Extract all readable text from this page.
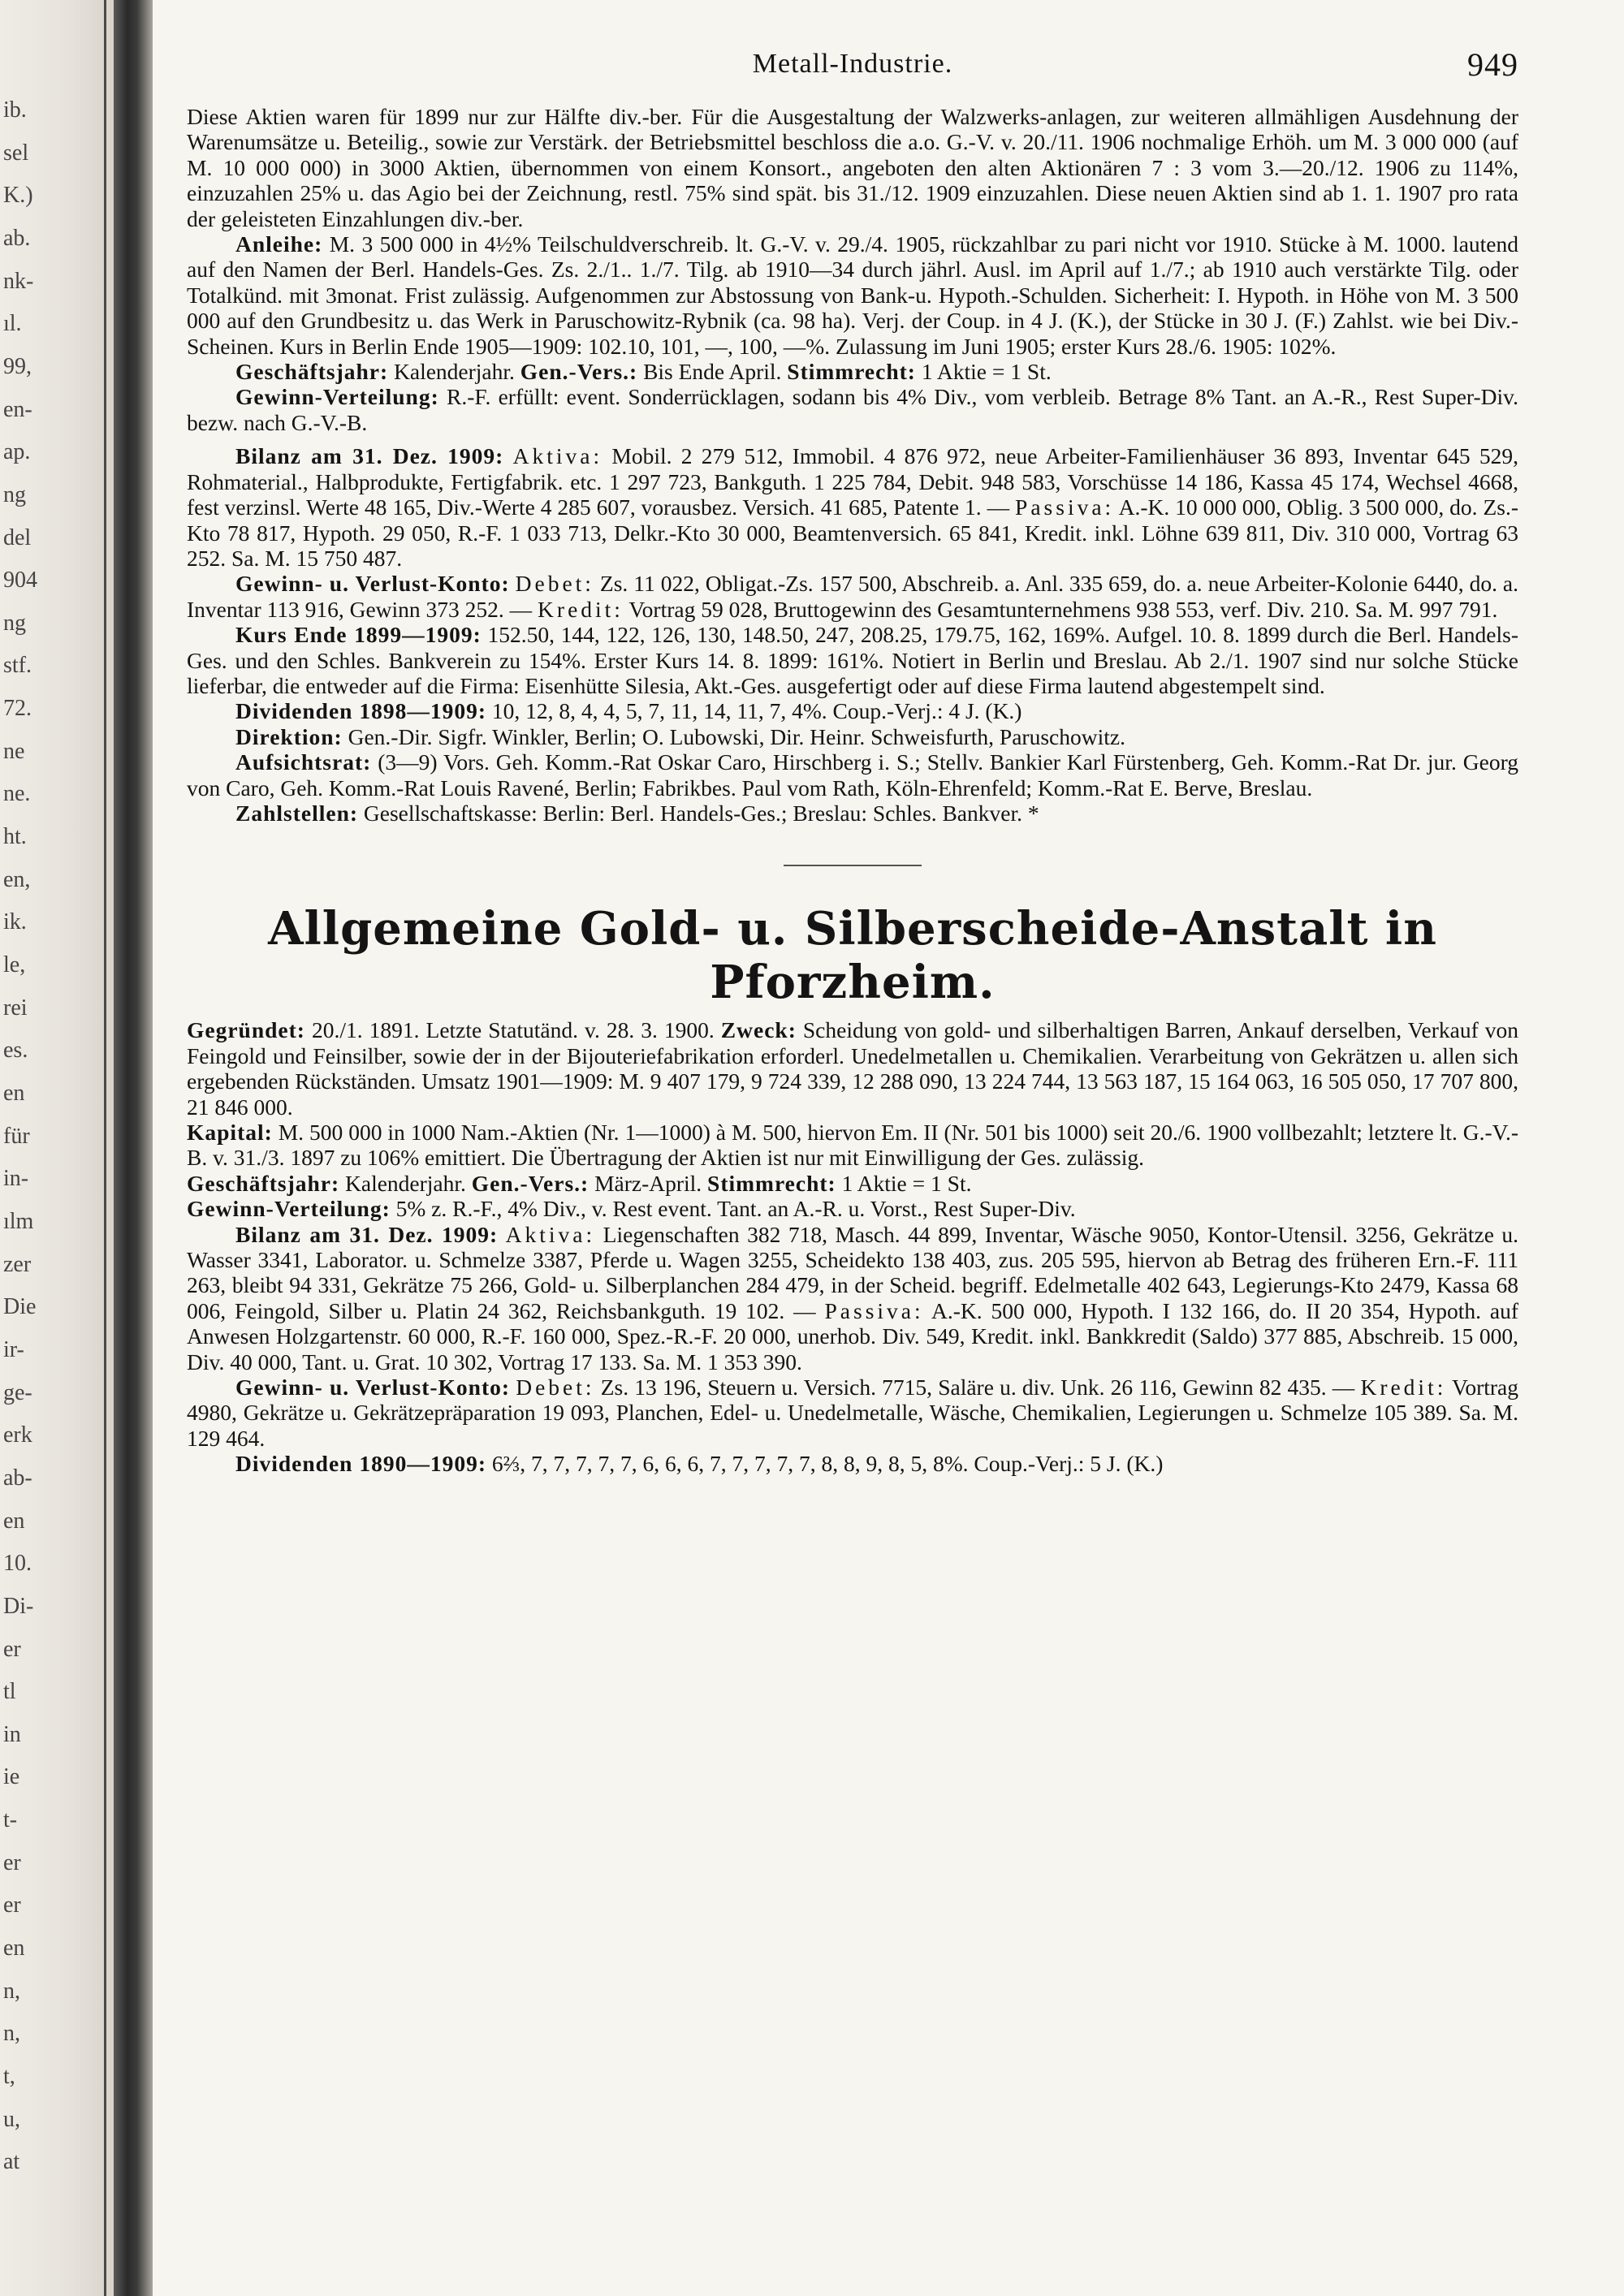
ib.
sel
K.)
ab.
nk-
ıl.
99,
en-
ap.
ng
del
904
ng
stf.
72.
ne
ne.
ht.
en,
ik.
le,
rei
es.
en
für
in-
ılm
zer
Die
ir-
ge-
erk
ab-
en
10.
Di-
er
tl
in
ie
t-
er
er
en
n,
n,
t,
u,
at
Metall-Industrie.	949

Diese Aktien waren für 1899 nur zur Hälfte div.-ber. Für die Ausgestaltung der Walzwerks-anlagen, zur weiteren allmähligen Ausdehnung der Warenumsätze u. Beteilig., sowie zur Verstärk. der Betriebsmittel beschloss die a.o. G.-V. v. 20./11. 1906 nochmalige Erhöh. um M. 3 000 000 (auf M. 10 000 000) in 3000 Aktien, übernommen von einem Konsort., angeboten den alten Aktionären 7 : 3 vom 3.—20./12. 1906 zu 114%, einzuzahlen 25% u. das Agio bei der Zeichnung, restl. 75% sind spät. bis 31./12. 1909 einzuzahlen. Diese neuen Aktien sind ab 1. 1. 1907 pro rata der geleisteten Einzahlungen div.-ber.

Anleihe: M. 3 500 000 in 4½% Teilschuldverschreib. lt. G.-V. v. 29./4. 1905, rückzahlbar zu pari nicht vor 1910. Stücke à M. 1000. lautend auf den Namen der Berl. Handels-Ges. Zs. 2./1.. 1./7. Tilg. ab 1910—34 durch jährl. Ausl. im April auf 1./7.; ab 1910 auch verstärkte Tilg. oder Totalkünd. mit 3monat. Frist zulässig. Aufgenommen zur Abstossung von Bank-u. Hypoth.-Schulden. Sicherheit: I. Hypoth. in Höhe von M. 3 500 000 auf den Grundbesitz u. das Werk in Paruschowitz-Rybnik (ca. 98 ha). Verj. der Coup. in 4 J. (K.), der Stücke in 30 J. (F.) Zahlst. wie bei Div.-Scheinen. Kurs in Berlin Ende 1905—1909: 102.10, 101, —, 100, —%. Zulassung im Juni 1905; erster Kurs 28./6. 1905: 102%.

Geschäftsjahr: Kalenderjahr. Gen.-Vers.: Bis Ende April. Stimmrecht: 1 Aktie = 1 St.

Gewinn-Verteilung: R.-F. erfüllt: event. Sonderrücklagen, sodann bis 4% Div., vom verbleib. Betrage 8% Tant. an A.-R., Rest Super-Div. bezw. nach G.-V.-B.

Bilanz am 31. Dez. 1909: Aktiva: Mobil. 2 279 512, Immobil. 4 876 972, neue Arbeiter-Familienhäuser 36 893, Inventar 645 529, Rohmaterial., Halbprodukte, Fertigfabrik. etc. 1 297 723, Bankguth. 1 225 784, Debit. 948 583, Vorschüsse 14 186, Kassa 45 174, Wechsel 4668, fest verzinsl. Werte 48 165, Div.-Werte 4 285 607, vorausbez. Versich. 41 685, Patente 1. — Passiva: A.-K. 10 000 000, Oblig. 3 500 000, do. Zs.-Kto 78 817, Hypoth. 29 050, R.-F. 1 033 713, Delkr.-Kto 30 000, Beamtenversich. 65 841, Kredit. inkl. Löhne 639 811, Div. 310 000, Vortrag 63 252. Sa. M. 15 750 487.

Gewinn- u. Verlust-Konto: Debet: Zs. 11 022, Obligat.-Zs. 157 500, Abschreib. a. Anl. 335 659, do. a. neue Arbeiter-Kolonie 6440, do. a. Inventar 113 916, Gewinn 373 252. — Kredit: Vortrag 59 028, Bruttogewinn des Gesamtunternehmens 938 553, verf. Div. 210. Sa. M. 997 791.

Kurs Ende 1899—1909: 152.50, 144, 122, 126, 130, 148.50, 247, 208.25, 179.75, 162, 169%. Aufgel. 10. 8. 1899 durch die Berl. Handels-Ges. und den Schles. Bankverein zu 154%. Erster Kurs 14. 8. 1899: 161%. Notiert in Berlin und Breslau. Ab 2./1. 1907 sind nur solche Stücke lieferbar, die entweder auf die Firma: Eisenhütte Silesia, Akt.-Ges. ausgefertigt oder auf diese Firma lautend abgestempelt sind.

Dividenden 1898—1909: 10, 12, 8, 4, 4, 5, 7, 11, 14, 11, 7, 4%. Coup.-Verj.: 4 J. (K.)

Direktion: Gen.-Dir. Sigfr. Winkler, Berlin; O. Lubowski, Dir. Heinr. Schweisfurth, Paruschowitz.

Aufsichtsrat: (3—9) Vors. Geh. Komm.-Rat Oskar Caro, Hirschberg i. S.; Stellv. Bankier Karl Fürstenberg, Geh. Komm.-Rat Dr. jur. Georg von Caro, Geh. Komm.-Rat Louis Ravené, Berlin; Fabrikbes. Paul vom Rath, Köln-Ehrenfeld; Komm.-Rat E. Berve, Breslau.

Zahlstellen: Gesellschaftskasse: Berlin: Berl. Handels-Ges.; Breslau: Schles. Bankver. *

Allgemeine Gold- u. Silberscheide-Anstalt in Pforzheim.

Gegründet: 20./1. 1891. Letzte Statutänd. v. 28. 3. 1900. Zweck: Scheidung von gold- und silberhaltigen Barren, Ankauf derselben, Verkauf von Feingold und Feinsilber, sowie der in der Bijouteriefabrikation erforderl. Unedelmetallen u. Chemikalien. Verarbeitung von Gekrätzen u. allen sich ergebenden Rückständen. Umsatz 1901—1909: M. 9 407 179, 9 724 339, 12 288 090, 13 224 744, 13 563 187, 15 164 063, 16 505 050, 17 707 800, 21 846 000.

Kapital: M. 500 000 in 1000 Nam.-Aktien (Nr. 1—1000) à M. 500, hiervon Em. II (Nr. 501 bis 1000) seit 20./6. 1900 vollbezahlt; letztere lt. G.-V.-B. v. 31./3. 1897 zu 106% emittiert. Die Übertragung der Aktien ist nur mit Einwilligung der Ges. zulässig.

Geschäftsjahr: Kalenderjahr. Gen.-Vers.: März-April. Stimmrecht: 1 Aktie = 1 St.

Gewinn-Verteilung: 5% z. R.-F., 4% Div., v. Rest event. Tant. an A.-R. u. Vorst., Rest Super-Div.

Bilanz am 31. Dez. 1909: Aktiva: Liegenschaften 382 718, Masch. 44 899, Inventar, Wäsche 9050, Kontor-Utensil. 3256, Gekrätze u. Wasser 3341, Laborator. u. Schmelze 3387, Pferde u. Wagen 3255, Scheidekto 138 403, zus. 205 595, hiervon ab Betrag des früheren Ern.-F. 111 263, bleibt 94 331, Gekrätze 75 266, Gold- u. Silberplanchen 284 479, in der Scheid. begriff. Edelmetalle 402 643, Legierungs-Kto 2479, Kassa 68 006, Feingold, Silber u. Platin 24 362, Reichsbankguth. 19 102. — Passiva: A.-K. 500 000, Hypoth. I 132 166, do. II 20 354, Hypoth. auf Anwesen Holzgartenstr. 60 000, R.-F. 160 000, Spez.-R.-F. 20 000, unerhob. Div. 549, Kredit. inkl. Bankkredit (Saldo) 377 885, Abschreib. 15 000, Div. 40 000, Tant. u. Grat. 10 302, Vortrag 17 133. Sa. M. 1 353 390.

Gewinn- u. Verlust-Konto: Debet: Zs. 13 196, Steuern u. Versich. 7715, Saläre u. div. Unk. 26 116, Gewinn 82 435. — Kredit: Vortrag 4980, Gekrätze u. Gekrätzepräparation 19 093, Planchen, Edel- u. Unedelmetalle, Wäsche, Chemikalien, Legierungen u. Schmelze 105 389. Sa. M. 129 464.

Dividenden 1890—1909: 6⅔, 7, 7, 7, 7, 7, 6, 6, 6, 7, 7, 7, 7, 7, 8, 8, 9, 8, 5, 8%. Coup.-Verj.: 5 J. (K.)
